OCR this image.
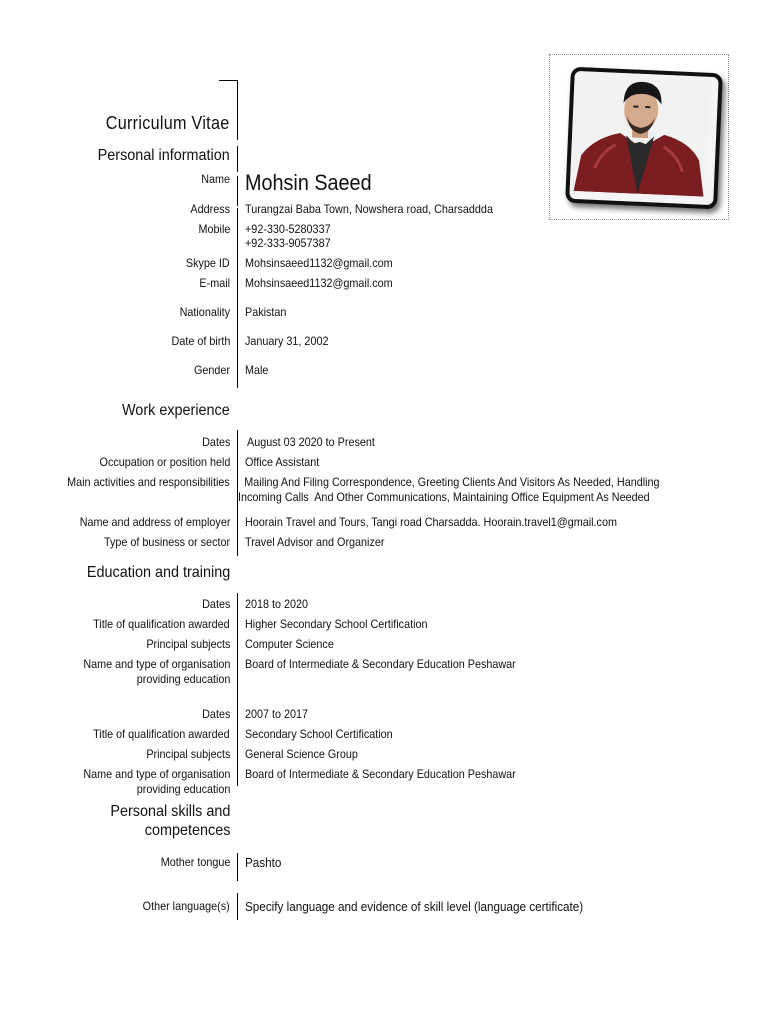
Curriculum Vitae
Personal information
Name Mohsin Saeed
Address Turangzai Baba Town, Nowshera road, Charsaddda
Mobile +92-330-5280337
+92-333-9057387
Skype ID Mohsinsaeed1132@gmail.com
E-mail Mohsinsaeed1132@gmail.com
Nationality Pakistan
Date of birth January 31, 2002
Gender Male
Work experience
Dates August 03 2020 to Present
Occupation or position held Office Assistant
Main activities and responsibilities	Mailing And Filing Correspondence, Greeting Clients And Visitors As Needed, Handling
Incoming Calls  And Other Communications, Maintaining Office Equipment As Needed
Name and address of employer Hoorain Travel and Tours, Tangi road Charsadda. Hoorain.travel1@gmail.com
Type of business or sector Travel Advisor and Organizer
Education and training
Dates 2018 to 2020
Title of qualification awarded Higher Secondary School Certification
Principal subjects Computer Science
Name and type of organisation
providing education
Board of Intermediate & Secondary Education Peshawar
Dates 2007 to 2017
Title of qualification awarded Secondary School Certification
Principal subjects General Science Group
Name and type of organisation
providing education
Board of Intermediate & Secondary Education Peshawar
Personal skills and
competences
Mother tongue Pashto
Other language(s) Specify language and evidence of skill level (language certificate)
